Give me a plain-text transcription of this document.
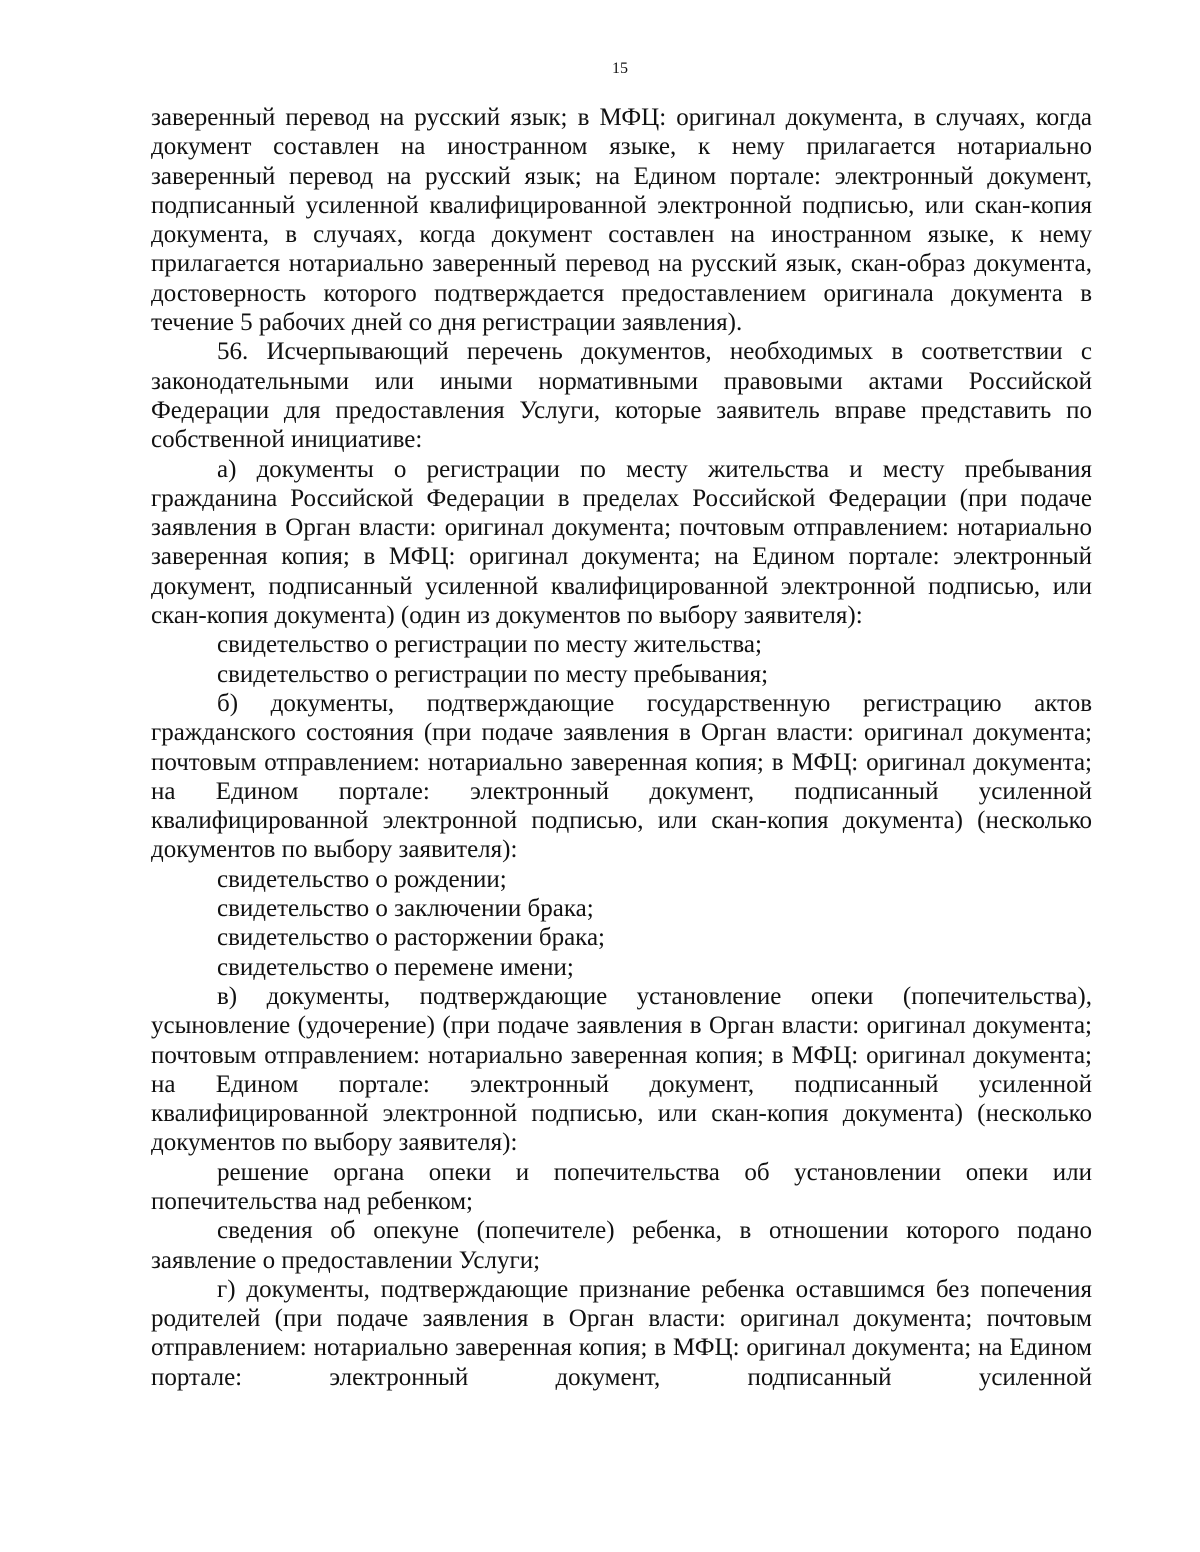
15

заверенный перевод на русский язык; в МФЦ: оригинал документа, в случаях, когда документ составлен на иностранном языке, к нему прилагается нотариально заверенный перевод на русский язык; на Едином портале: электронный документ, подписанный усиленной квалифицированной электронной подписью, или скан-копия документа, в случаях, когда документ составлен на иностранном языке, к нему прилагается нотариально заверенный перевод на русский язык, скан-образ документа, достоверность которого подтверждается предоставлением оригинала документа в течение 5 рабочих дней со дня регистрации заявления).

56. Исчерпывающий перечень документов, необходимых в соответствии с законодательными или иными нормативными правовыми актами Российской Федерации для предоставления Услуги, которые заявитель вправе представить по собственной инициативе:

а) документы о регистрации по месту жительства и месту пребывания гражданина Российской Федерации в пределах Российской Федерации (при подаче заявления в Орган власти: оригинал документа; почтовым отправлением: нотариально заверенная копия; в МФЦ: оригинал документа; на Едином портале: электронный документ, подписанный усиленной квалифицированной электронной подписью, или скан-копия документа) (один из документов по выбору заявителя):

свидетельство о регистрации по месту жительства;

свидетельство о регистрации по месту пребывания;

б) документы, подтверждающие государственную регистрацию актов гражданского состояния (при подаче заявления в Орган власти: оригинал документа; почтовым отправлением: нотариально заверенная копия; в МФЦ: оригинал документа; на Едином портале: электронный документ, подписанный усиленной квалифицированной электронной подписью, или скан-копия документа) (несколько документов по выбору заявителя):

свидетельство о рождении;

свидетельство о заключении брака;

свидетельство о расторжении брака;

свидетельство о перемене имени;

в) документы, подтверждающие установление опеки (попечительства), усыновление (удочерение) (при подаче заявления в Орган власти: оригинал документа; почтовым отправлением: нотариально заверенная копия; в МФЦ: оригинал документа; на Едином портале: электронный документ, подписанный усиленной квалифицированной электронной подписью, или скан-копия документа) (несколько документов по выбору заявителя):

решение органа опеки и попечительства об установлении опеки или попечительства над ребенком;

сведения об опекуне (попечителе) ребенка, в отношении которого подано заявление о предоставлении Услуги;

г) документы, подтверждающие признание ребенка оставшимся без попечения родителей (при подаче заявления в Орган власти: оригинал документа; почтовым отправлением: нотариально заверенная копия; в МФЦ: оригинал документа; на Едином портале: электронный документ, подписанный усиленной
